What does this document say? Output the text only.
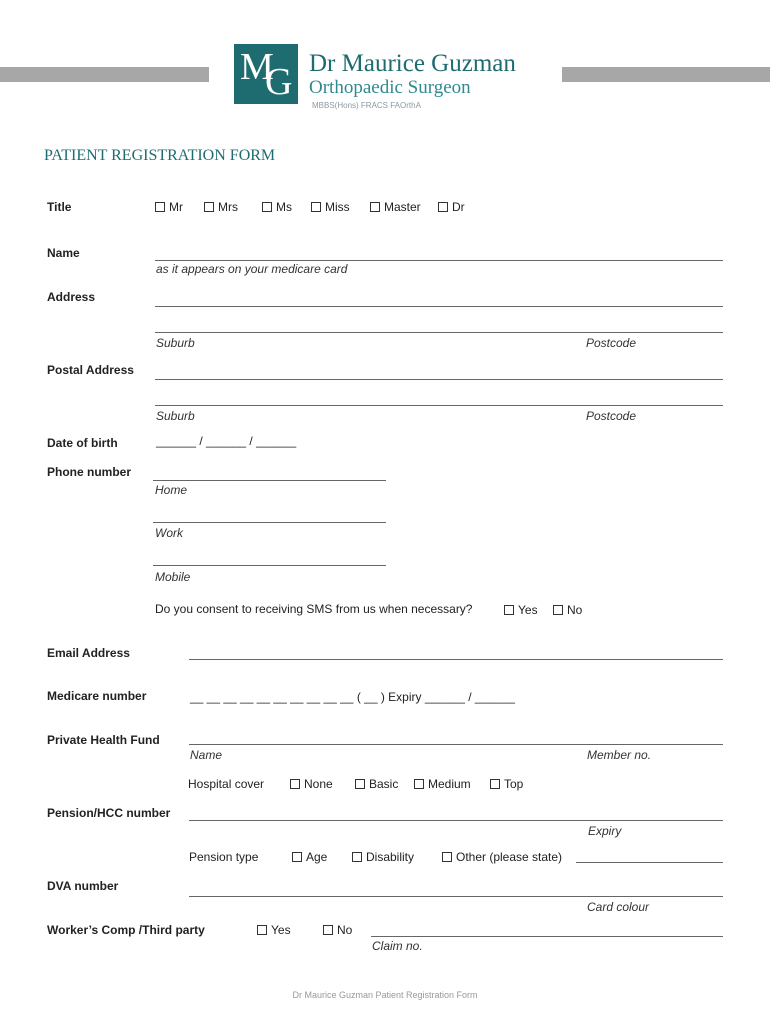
M
G Dr Maurice Guzman
Orthopaedic Surgeon
MBBS(Hons) FRACS FAOrthA
PATIENT REGISTRATION FORM
Title	Mr	Mrs	Ms	Miss	Master	Dr
Name
as it appears on your medicare card
Address
Suburb	Postcode
Postal Address
Suburb	Postcode
Date of birth	______ / ______ / ______
Phone number
Home
Work
Mobile
Do you consent to receiving SMS from us when necessary?	Yes No
Email Address
Medicare number	__ __ __ __ __ __ __ __ __ __ ( __ ) Expiry ______ / ______
Private Health Fund
Name	Member no.
Hospital cover	None	Basic Medium	Top
Pension/HCC number
Expiry
Pension type	Age	Disability	Other (please state)
DVA number
Card colour
Worker’s Comp /Third party	Yes	No
Claim no.
Dr Maurice Guzman Patient Registration Form
